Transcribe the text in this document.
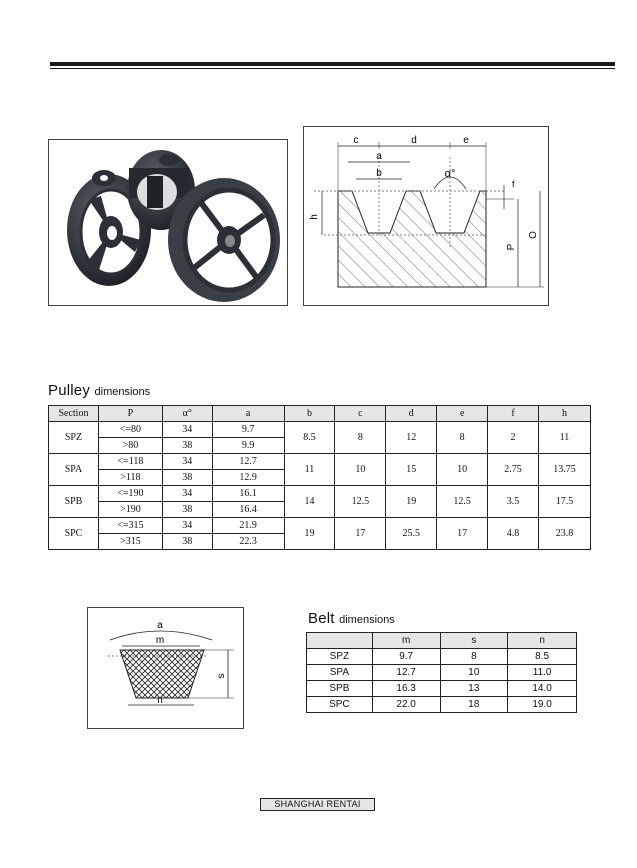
c	d	e
a
b	α°
f
h
P
O
Pulley dimensions
Section	P	α°	a	b	c	d	e	f	h
SPZ	<=80	34	9.7	8.5	8	12	8	2	11
	>80	38	9.9						
SPA	<=118	34	12.7	11	10	15	10	2.75	13.75
	>118	38	12.9						
SPB	<=190	34	16.1	14	12.5	19	12.5	3.5	17.5
	>190	38	16.4						
SPC	<=315	34	21.9	19	17	25.5	17	4.8	23.8
	>315	38	22.3						
a
m
n
s
Belt dimensions
	m	s	n
SPZ	9.7	8	8.5
SPA	12.7	10	11.0
SPB	16.3	13	14.0
SPC	22.0	18	19.0
SHANGHAI RENTAI
